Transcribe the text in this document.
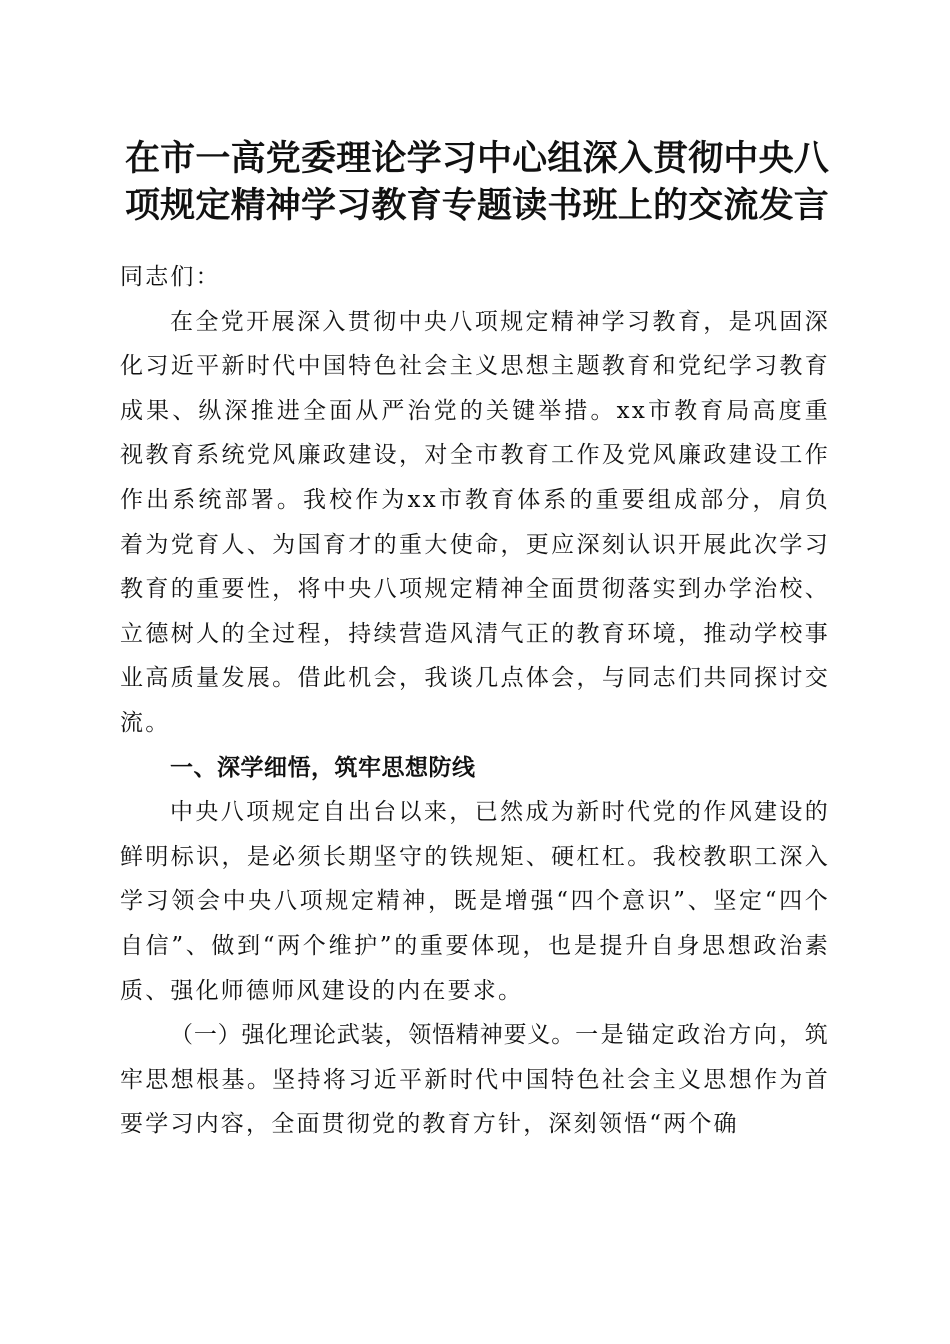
在市一高党委理论学习中心组深入贯彻中央八项规定精神学习教育专题读书班上的交流发言

同志们：

在全党开展深入贯彻中央八项规定精神学习教育，是巩固深化习近平新时代中国特色社会主义思想主题教育和党纪学习教育成果、纵深推进全面从严治党的关键举措。xx市教育局高度重视教育系统党风廉政建设，对全市教育工作及党风廉政建设工作作出系统部署。我校作为xx市教育体系的重要组成部分，肩负着为党育人、为国育才的重大使命，更应深刻认识开展此次学习教育的重要性，将中央八项规定精神全面贯彻落实到办学治校、立德树人的全过程，持续营造风清气正的教育环境，推动学校事业高质量发展。借此机会，我谈几点体会，与同志们共同探讨交流。

一、深学细悟，筑牢思想防线

中央八项规定自出台以来，已然成为新时代党的作风建设的鲜明标识，是必须长期坚守的铁规矩、硬杠杠。我校教职工深入学习领会中央八项规定精神，既是增强“四个意识”、坚定“四个自信”、做到“两个维护”的重要体现，也是提升自身思想政治素质、强化师德师风建设的内在要求。

（一）强化理论武装，领悟精神要义。一是锚定政治方向，筑牢思想根基。坚持将习近平新时代中国特色社会主义思想作为首要学习内容，全面贯彻党的教育方针，深刻领悟“两个确
